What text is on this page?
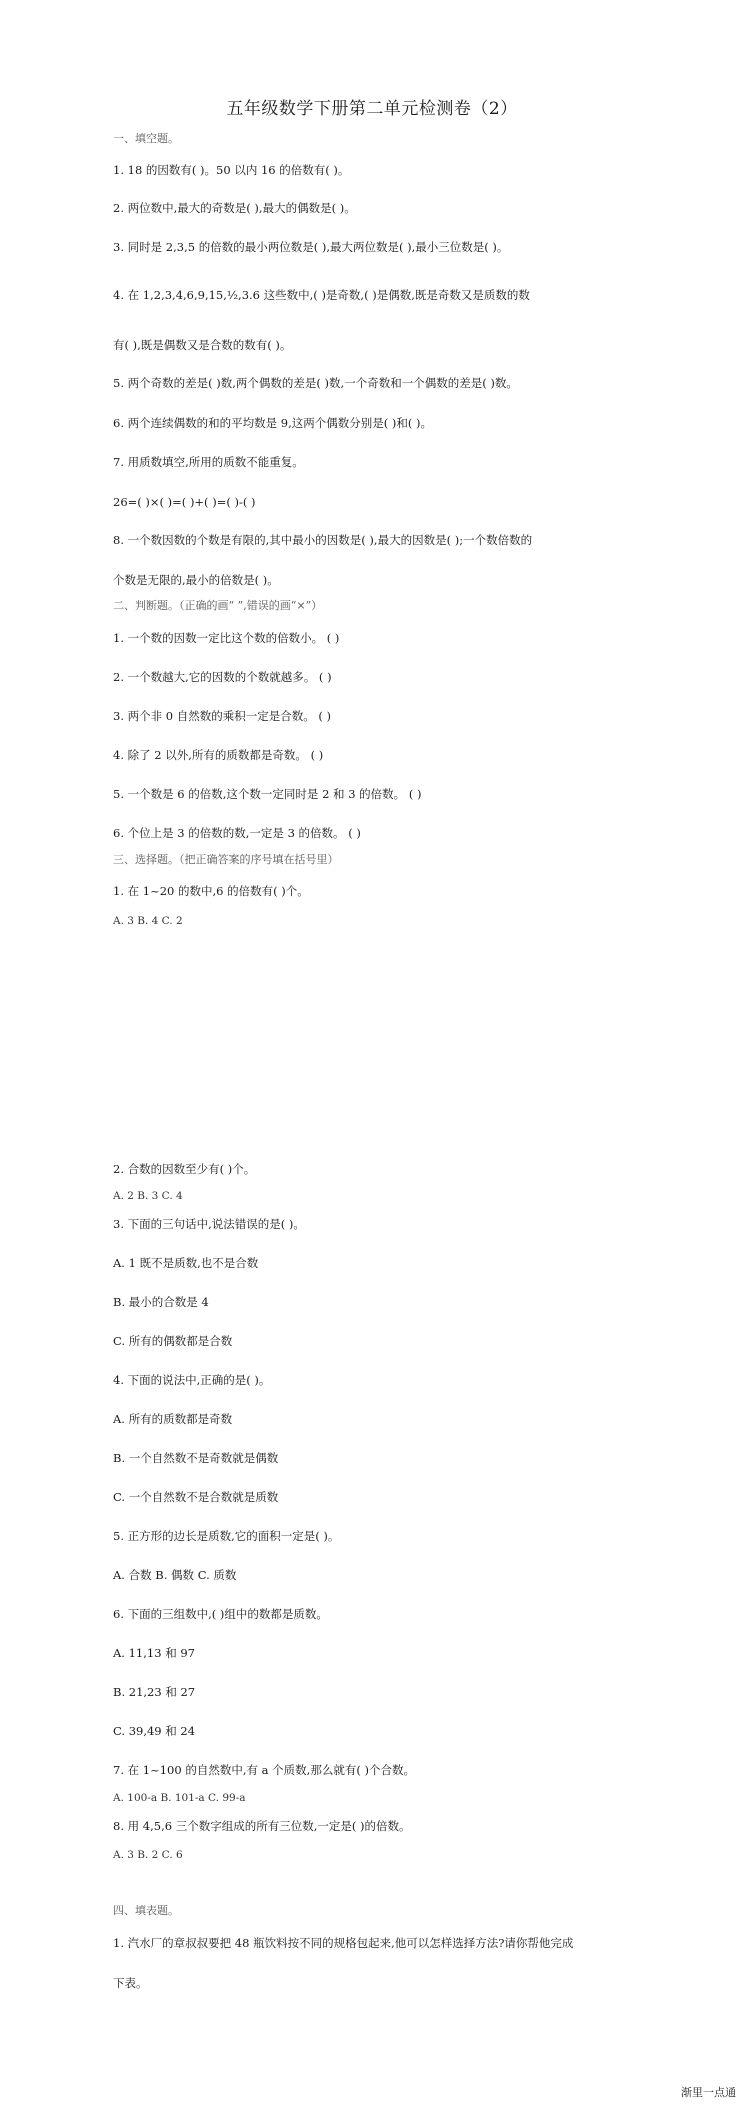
五年级数学下册第二单元检测卷（2）
一、填空题。
1. 18 的因数有( )。50 以内 16 的倍数有( )。
2. 两位数中,最大的奇数是( ),最大的偶数是( )。
3. 同时是 2,3,5 的倍数的最小两位数是( ),最大两位数是( ),最小三位数是( )。
4. 在 1,2,3,4,6,9,15,½,3.6 这些数中,( )是奇数,( )是偶数,既是奇数又是质数的数
有( ),既是偶数又是合数的数有( )。
5. 两个奇数的差是( )数,两个偶数的差是( )数,一个奇数和一个偶数的差是( )数。
6. 两个连续偶数的和的平均数是 9,这两个偶数分别是( )和( )。
7. 用质数填空,所用的质数不能重复。
26=( )×( )=( )+( )=( )-( )
8. 一个数因数的个数是有限的,其中最小的因数是( ),最大的因数是( );一个数倍数的
个数是无限的,最小的倍数是( )。
二、判断题。（正确的画“ ”,错误的画“×”）
1. 一个数的因数一定比这个数的倍数小。 ( )
2. 一个数越大,它的因数的个数就越多。 ( )
3. 两个非 0 自然数的乘积一定是合数。 ( )
4. 除了 2 以外,所有的质数都是奇数。 ( )
5. 一个数是 6 的倍数,这个数一定同时是 2 和 3 的倍数。 ( )
6. 个位上是 3 的倍数的数,一定是 3 的倍数。 ( )
三、选择题。（把正确答案的序号填在括号里）
1. 在 1~20 的数中,6 的倍数有( )个。
A. 3 B. 4 C. 2
2. 合数的因数至少有( )个。
A. 2 B. 3 C. 4
3. 下面的三句话中,说法错误的是( )。
A. 1 既不是质数,也不是合数
B. 最小的合数是 4
C. 所有的偶数都是合数
4. 下面的说法中,正确的是( )。
A. 所有的质数都是奇数
B. 一个自然数不是奇数就是偶数
C. 一个自然数不是合数就是质数
5. 正方形的边长是质数,它的面积一定是( )。
A. 合数 B. 偶数 C. 质数
6. 下面的三组数中,( )组中的数都是质数。
A. 11,13 和 97
B. 21,23 和 27
C. 39,49 和 24
7. 在 1~100 的自然数中,有 a 个质数,那么就有( )个合数。
A. 100-a B. 101-a C. 99-a
8. 用 4,5,6 三个数字组成的所有三位数,一定是( )的倍数。
A. 3 B. 2 C. 6
四、填表题。
1. 汽水厂的章叔叔要把 48 瓶饮料按不同的规格包起来,他可以怎样选择方法?请你帮他完成
下表。
渐里一点通
